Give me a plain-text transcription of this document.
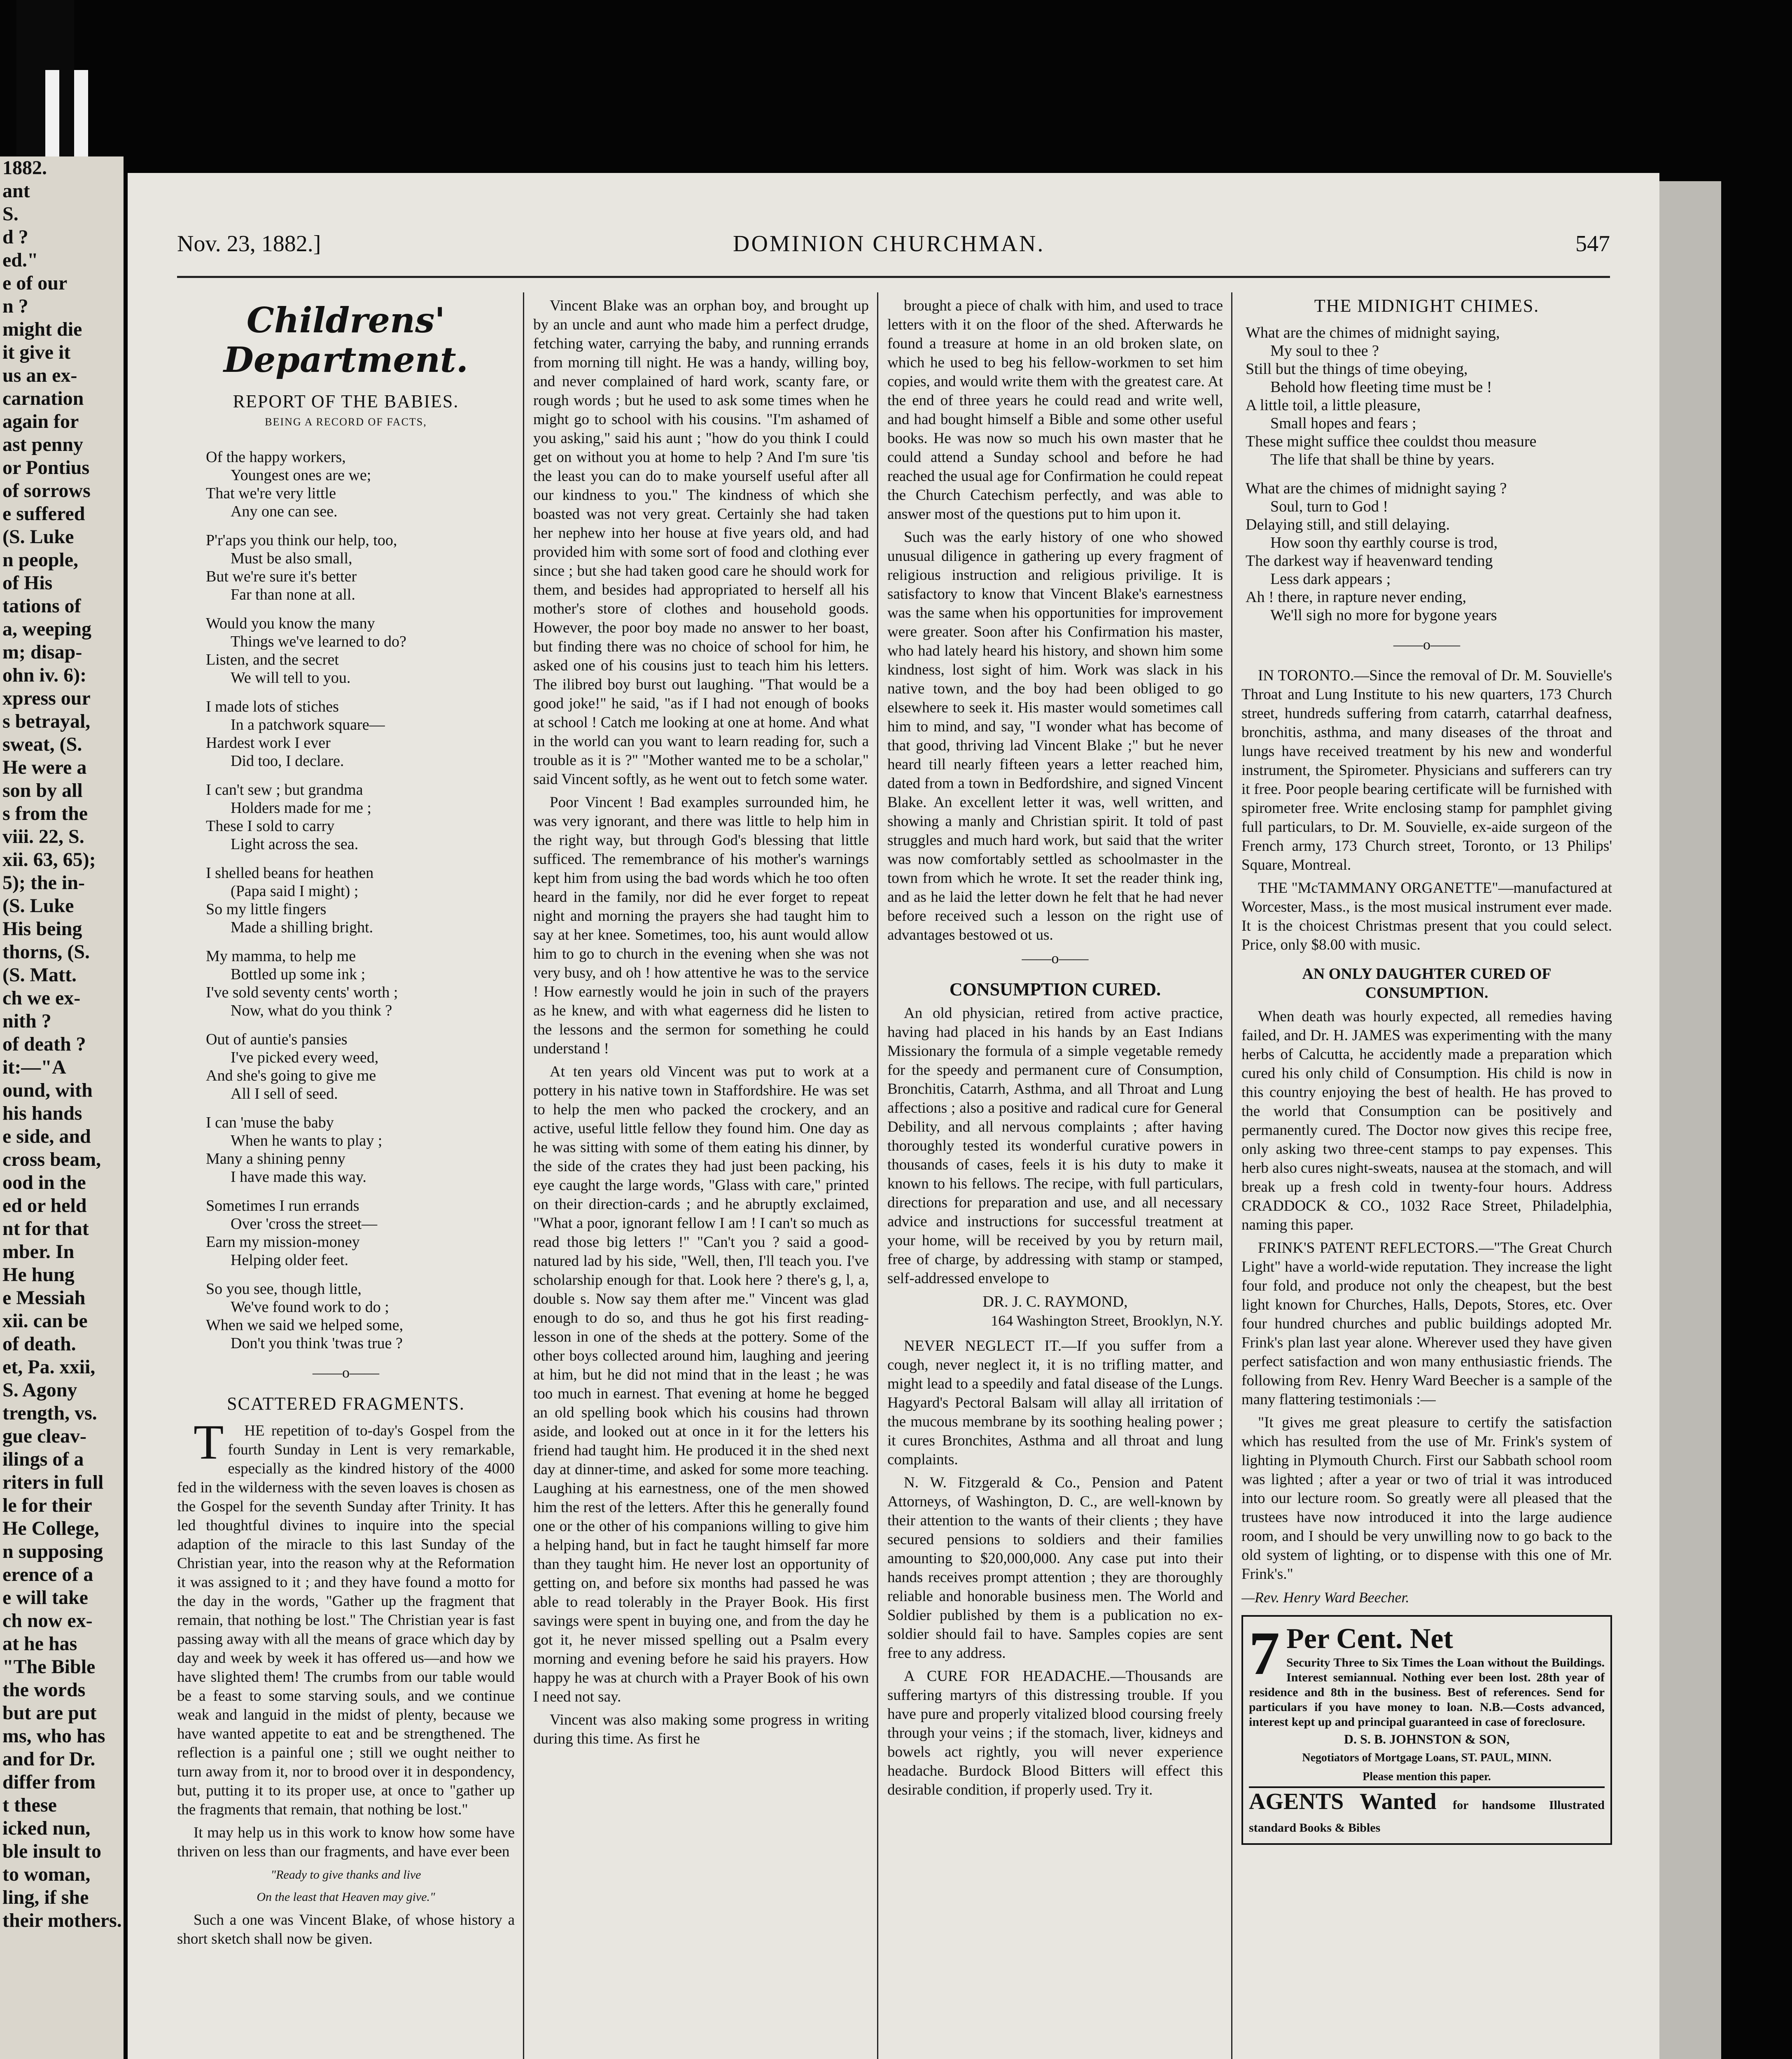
1882.
ant
S.
d ?
ed."
e of our
n ?
might die
it give it
us an ex-
carnation
again for
ast penny
or Pontius
of sorrows
e suffered
(S. Luke
n people,
of His
tations of
a, weeping
m; disap-
ohn iv. 6):
xpress our
s betrayal,
sweat, (S.
He were a
son by all
s from the
viii. 22, S.
xii. 63, 65);
5); the in-
(S. Luke
His being
thorns, (S.
(S. Matt.
ch we ex-
nith ?
of death ?
it:—"A
ound, with
his hands
e side, and
cross beam,
ood in the
ed or held
nt for that
mber. In
He hung
e Messiah
xii. can be
of death.
et, Pa. xxii,
S. Agony
trength, vs.
gue cleav-
ilings of a
riters in full
le for their
He College,
n supposing
erence of a
e will take
ch now ex-
at he has
"The Bible
the words
but are put
ms, who has
and for Dr.
differ from
t these
icked nun,
ble insult to
to woman,
ling, if she
their mothers.
Nov. 23, 1882.]	DOMINION CHURCHMAN.	547
Childrens' Department.
REPORT OF THE BABIES.
BEING A RECORD OF FACTS,
Of the happy workers,
Youngest ones are we;
That we're very little
Any one can see.
P'r'aps you think our help, too,
Must be also small,
But we're sure it's better
Far than none at all.
Would you know the many
Things we've learned to do?
Listen, and the secret
We will tell to you.
I made lots of stiches
In a patchwork square—
Hardest work I ever
Did too, I declare.
I can't sew ; but grandma
Holders made for me ;
These I sold to carry
Light across the sea.
I shelled beans for heathen
(Papa said I might) ;
So my little fingers
Made a shilling bright.
My mamma, to help me
Bottled up some ink ;
I've sold seventy cents' worth ;
Now, what do you think ?
Out of auntie's pansies
I've picked every weed,
And she's going to give me
All I sell of seed.
I can 'muse the baby
When he wants to play ;
Many a shining penny
I have made this way.
Sometimes I run errands
Over 'cross the street—
Earn my mission-money
Helping older feet.
So you see, though little,
We've found work to do ;
When we said we helped some,
Don't you think 'twas true ?
——o——
SCATTERED FRAGMENTS.

THE repetition of to-day's Gospel from the fourth Sunday in Lent is very remarkable, especially as the kindred history of the 4000 fed in the wilderness with the seven loaves is chosen as the Gospel for the seventh Sunday after Trinity. It has led thoughtful divines to inquire into the special adaption of the miracle to this last Sunday of the Christian year, into the reason why at the Reformation it was assigned to it ; and they have found a motto for the day in the words, "Gather up the fragment that remain, that nothing be lost." The Christian year is fast passing away with all the means of grace which day by day and week by week it has offered us—and how we have slighted them! The crumbs from our table would be a feast to some starving souls, and we continue weak and languid in the midst of plenty, because we have wanted appetite to eat and be strengthened. The reflection is a painful one ; still we ought neither to turn away from it, nor to brood over it in despondency, but, putting it to its proper use, at once to "gather up the fragments that remain, that nothing be lost."

It may help us in this work to know how some have thriven on less than our fragments, and have ever been

"Ready to give thanks and live
On the least that Heaven may give."

Such a one was Vincent Blake, of whose history a short sketch shall now be given.

Vincent Blake was an orphan boy, and brought up by an uncle and aunt who made him a perfect drudge, fetching water, carrying the baby, and running errands from morning till night. He was a handy, willing boy, and never complained of hard work, scanty fare, or rough words ; but he used to ask some times when he might go to school with his cousins. "I'm ashamed of you asking," said his aunt ; "how do you think I could get on without you at home to help ? And I'm sure 'tis the least you can do to make yourself useful after all our kindness to you." The kindness of which she boasted was not very great. Certainly she had taken her nephew into her house at five years old, and had provided him with some sort of food and clothing ever since ; but she had taken good care he should work for them, and besides had appropriated to herself all his mother's store of clothes and household goods. However, the poor boy made no answer to her boast, but finding there was no choice of school for him, he asked one of his cousins just to teach him his letters. The ilibred boy burst out laughing. "That would be a good joke!" he said, "as if I had not enough of books at school ! Catch me looking at one at home. And what in the world can you want to learn reading for, such a trouble as it is ?" "Mother wanted me to be a scholar," said Vincent softly, as he went out to fetch some water.

Poor Vincent ! Bad examples surrounded him, he was very ignorant, and there was little to help him in the right way, but through God's blessing that little sufficed. The remembrance of his mother's warnings kept him from using the bad words which he too often heard in the family, nor did he ever forget to repeat night and morning the prayers she had taught him to say at her knee. Sometimes, too, his aunt would allow him to go to church in the evening when she was not very busy, and oh ! how attentive he was to the service ! How earnestly would he join in such of the prayers as he knew, and with what eagerness did he listen to the lessons and the sermon for something he could understand !

At ten years old Vincent was put to work at a pottery in his native town in Staffordshire. He was set to help the men who packed the crockery, and an active, useful little fellow they found him. One day as he was sitting with some of them eating his dinner, by the side of the crates they had just been packing, his eye caught the large words, "Glass with care," printed on their direction-cards ; and he abruptly exclaimed, "What a poor, ignorant fellow I am ! I can't so much as read those big letters !" "Can't you ? said a good-natured lad by his side, "Well, then, I'll teach you. I've scholarship enough for that. Look here ? there's g, l, a, double s. Now say them after me." Vincent was glad enough to do so, and thus he got his first reading-lesson in one of the sheds at the pottery. Some of the other boys collected around him, laughing and jeering at him, but he did not mind that in the least ; he was too much in earnest. That evening at home he begged an old spelling book which his cousins had thrown aside, and looked out at once in it for the letters his friend had taught him. He produced it in the shed next day at dinner-time, and asked for some more teaching. Laughing at his earnestness, one of the men showed him the rest of the letters. After this he generally found one or the other of his companions willing to give him a helping hand, but in fact he taught himself far more than they taught him. He never lost an opportunity of getting on, and before six months had passed he was able to read tolerably in the Prayer Book. His first savings were spent in buying one, and from the day he got it, he never missed spelling out a Psalm every morning and evening before he said his prayers. How happy he was at church with a Prayer Book of his own I need not say.

Vincent was also making some progress in writing during this time. As first he

brought a piece of chalk with him, and used to trace letters with it on the floor of the shed. Afterwards he found a treasure at home in an old broken slate, on which he used to beg his fellow-workmen to set him copies, and would write them with the greatest care. At the end of three years he could read and write well, and had bought himself a Bible and some other useful books. He was now so much his own master that he could attend a Sunday school and before he had reached the usual age for Confirmation he could repeat the Church Catechism perfectly, and was able to answer most of the questions put to him upon it.

Such was the early history of one who showed unusual diligence in gathering up every fragment of religious instruction and religious privilige. It is satisfactory to know that Vincent Blake's earnestness was the same when his opportunities for improvement were greater. Soon after his Confirmation his master, who had lately heard his history, and shown him some kindness, lost sight of him. Work was slack in his native town, and the boy had been obliged to go elsewhere to seek it. His master would sometimes call him to mind, and say, "I wonder what has become of that good, thriving lad Vincent Blake ;" but he never heard till nearly fifteen years a letter reached him, dated from a town in Bedfordshire, and signed Vincent Blake. An excellent letter it was, well written, and showing a manly and Christian spirit. It told of past struggles and much hard work, but said that the writer was now comfortably settled as schoolmaster in the town from which he wrote. It set the reader think ing, and as he laid the letter down he felt that he had never before received such a lesson on the right use of advantages bestowed ot us.

——o——
CONSUMPTION CURED.

An old physician, retired from active practice, having had placed in his hands by an East Indians Missionary the formula of a simple vegetable remedy for the speedy and permanent cure of Consumption, Bronchitis, Catarrh, Asthma, and all Throat and Lung affections ; also a positive and radical cure for General Debility, and all nervous complaints ; after having thoroughly tested its wonderful curative powers in thousands of cases, feels it is his duty to make it known to his fellows. The recipe, with full particulars, directions for preparation and use, and all necessary advice and instructions for successful treatment at your home, will be received by you by return mail, free of charge, by addressing with stamp or stamped, self-addressed envelope to

DR. J. C. RAYMOND,
164 Washington Street, Brooklyn, N.Y.

NEVER NEGLECT IT.—If you suffer from a cough, never neglect it, it is no trifling matter, and might lead to a speedily and fatal disease of the Lungs. Hagyard's Pectoral Balsam will allay all irritation of the mucous membrane by its soothing healing power ; it cures Bronchites, Asthma and all throat and lung complaints.

N. W. Fitzgerald & Co., Pension and Patent Attorneys, of Washington, D. C., are well-known by their attention to the wants of their clients ; they have secured pensions to soldiers and their families amounting to $20,000,000. Any case put into their hands receives prompt attention ; they are thoroughly reliable and honorable business men. The World and Soldier published by them is a publication no ex-soldier should fail to have. Samples copies are sent free to any address.

A CURE FOR HEADACHE.—Thousands are suffering martyrs of this distressing trouble. If you have pure and properly vitalized blood coursing freely through your veins ; if the stomach, liver, kidneys and bowels act rightly, you will never experience headache. Burdock Blood Bitters will effect this desirable condition, if properly used. Try it.

THE MIDNIGHT CHIMES.
What are the chimes of midnight saying,
My soul to thee ?
Still but the things of time obeying,
Behold how fleeting time must be !
A little toil, a little pleasure,
Small hopes and fears ;
These might suffice thee couldst thou measure
The life that shall be thine by years.
What are the chimes of midnight saying ?
Soul, turn to God !
Delaying still, and still delaying.
How soon thy earthly course is trod,
The darkest way if heavenward tending
Less dark appears ;
Ah ! there, in rapture never ending,
We'll sigh no more for bygone years
——o——

IN TORONTO.—Since the removal of Dr. M. Souvielle's Throat and Lung Institute to his new quarters, 173 Church street, hundreds suffering from catarrh, catarrhal deafness, bronchitis, asthma, and many diseases of the throat and lungs have received treatment by his new and wonderful instrument, the Spirometer. Physicians and sufferers can try it free. Poor people bearing certificate will be furnished with spirometer free. Write enclosing stamp for pamphlet giving full particulars, to Dr. M. Souvielle, ex-aide surgeon of the French army, 173 Church street, Toronto, or 13 Philips' Square, Montreal.

THE "McTAMMANY ORGANETTE"—manufactured at Worcester, Mass., is the most musical instrument ever made. It is the choicest Christmas present that you could select. Price, only $8.00 with music.

AN ONLY DAUGHTER CURED OF CONSUMPTION.

When death was hourly expected, all remedies having failed, and Dr. H. JAMES was experimenting with the many herbs of Calcutta, he accidently made a preparation which cured his only child of Consumption. His child is now in this country enjoying the best of health. He has proved to the world that Consumption can be positively and permanently cured. The Doctor now gives this recipe free, only asking two three-cent stamps to pay expenses. This herb also cures night-sweats, nausea at the stomach, and will break up a fresh cold in twenty-four hours. Address CRADDOCK & CO., 1032 Race Street, Philadelphia, naming this paper.

FRINK'S PATENT REFLECTORS.—"The Great Church Light" have a world-wide reputation. They increase the light four fold, and produce not only the cheapest, but the best light known for Churches, Halls, Depots, Stores, etc. Over four hundred churches and public buildings adopted Mr. Frink's plan last year alone. Wherever used they have given perfect satisfaction and won many enthusiastic friends. The following from Rev. Henry Ward Beecher is a sample of the many flattering testimonials :—

"It gives me great pleasure to certify the satisfaction which has resulted from the use of Mr. Frink's system of lighting in Plymouth Church. First our Sabbath school room was lighted ; after a year or two of trial it was introduced into our lecture room. So greatly were all pleased that the trustees have now introduced it into the large audience room, and I should be very unwilling now to go back to the old system of lighting, or to dispense with this one of Mr. Frink's."

—Rev. Henry Ward Beecher.
7 Per Cent. Net
Security Three to Six Times the Loan without the Buildings. Interest semiannual. Nothing ever been lost. 28th year of residence and 8th in the business. Best of references. Send for particulars if you have money to loan. N.B.—Costs advanced, interest kept up and principal guaranteed in case of foreclosure.
D. S. B. JOHNSTON & SON,
Negotiators of Mortgage Loans, ST. PAUL, MINN.
Please mention this paper.
AGENTS Wanted for handsome Illustrated standard Books & Bibles
